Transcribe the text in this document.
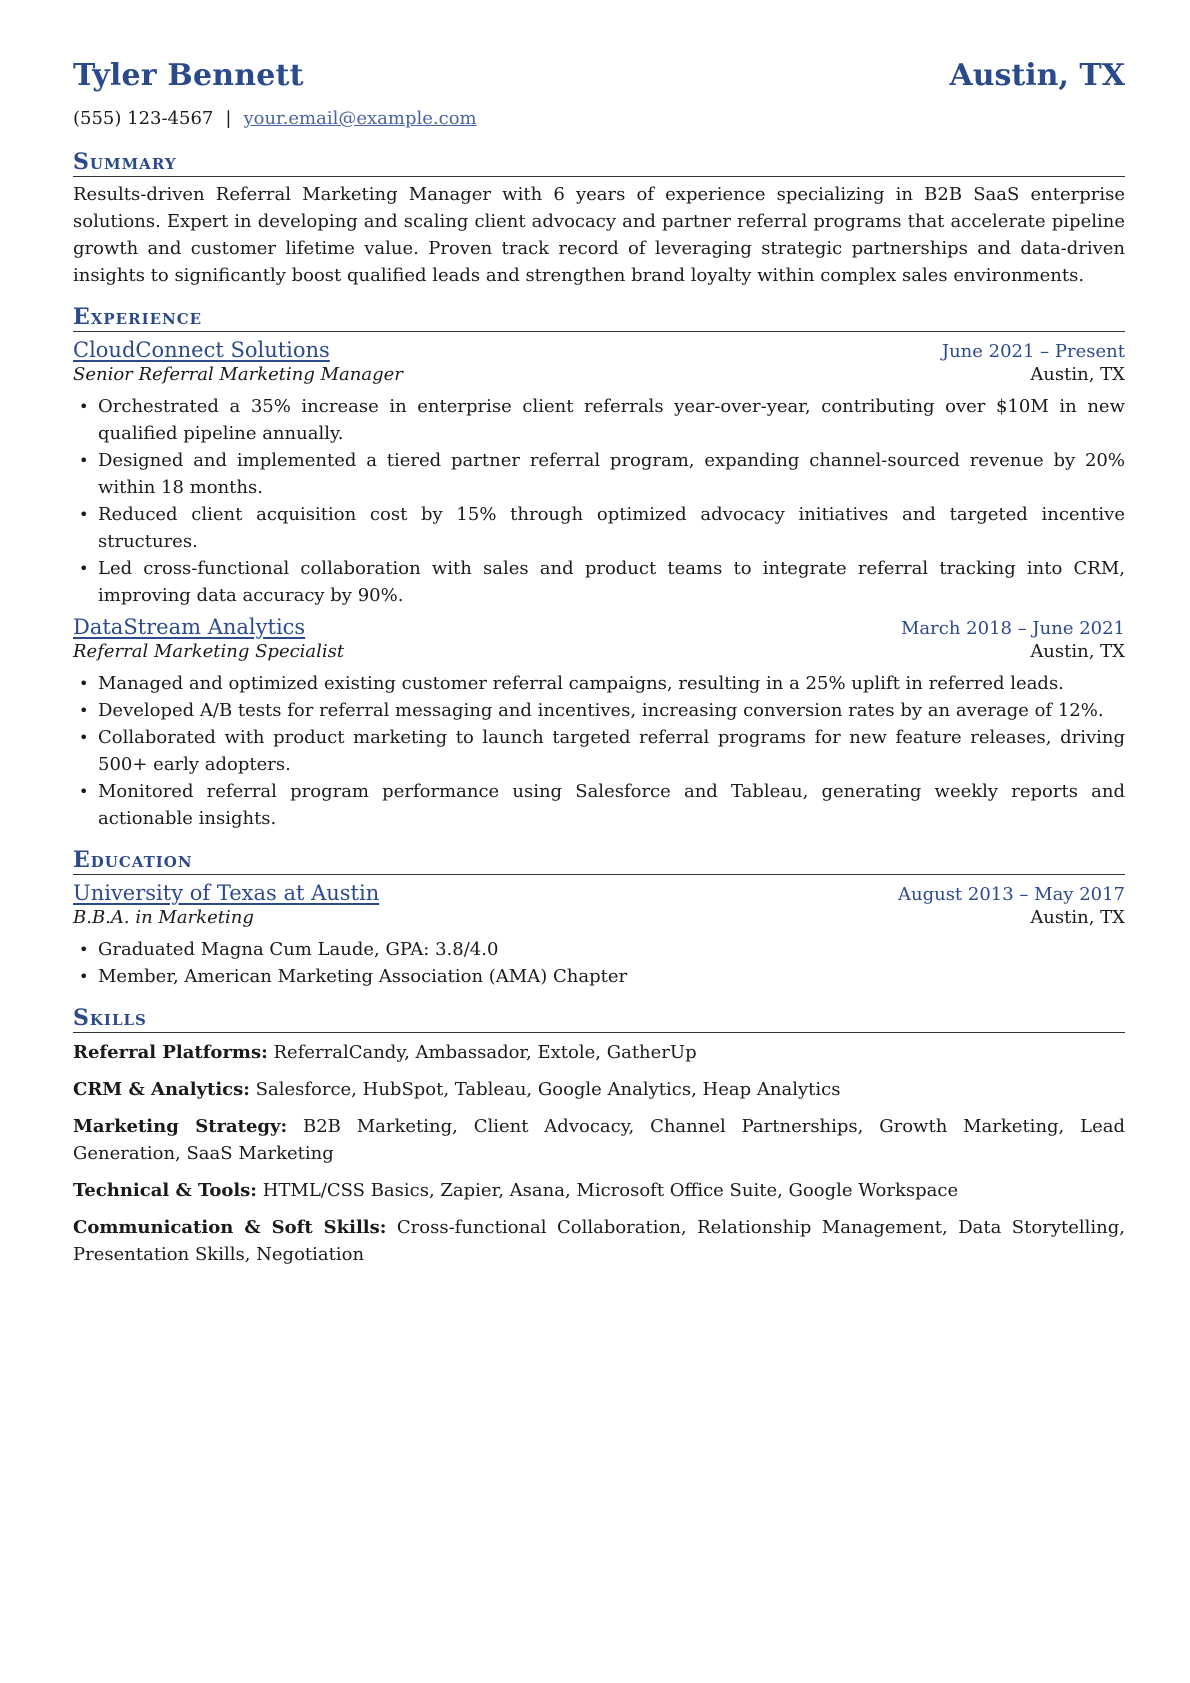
Tyler Bennett	Austin, TX
(555) 123-4567 | your.email@example.com
Summary
Results-driven Referral Marketing Manager with 6 years of experience specializing in B2B SaaS enterprise solutions. Expert in developing and scaling client advocacy and partner referral programs that accelerate pipeline growth and customer lifetime value. Proven track record of leveraging strategic partnerships and data-driven insights to significantly boost qualified leads and strengthen brand loyalty within complex sales environments.
Experience
CloudConnect Solutions	June 2021 – Present
Senior Referral Marketing Manager	Austin, TX
• Orchestrated a 35% increase in enterprise client referrals year-over-year, contributing over $10M in new qualified pipeline annually.
• Designed and implemented a tiered partner referral program, expanding channel-sourced revenue by 20% within 18 months.
• Reduced client acquisition cost by 15% through optimized advocacy initiatives and targeted incentive structures.
• Led cross-functional collaboration with sales and product teams to integrate referral tracking into CRM, improving data accuracy by 90%.
DataStream Analytics	March 2018 – June 2021
Referral Marketing Specialist	Austin, TX
• Managed and optimized existing customer referral campaigns, resulting in a 25% uplift in referred leads.
• Developed A/B tests for referral messaging and incentives, increasing conversion rates by an average of 12%.
• Collaborated with product marketing to launch targeted referral programs for new feature releases, driving 500+ early adopters.
• Monitored referral program performance using Salesforce and Tableau, generating weekly reports and actionable insights.
Education
University of Texas at Austin	August 2013 – May 2017
B.B.A. in Marketing	Austin, TX
• Graduated Magna Cum Laude, GPA: 3.8/4.0
• Member, American Marketing Association (AMA) Chapter
Skills
Referral Platforms: ReferralCandy, Ambassador, Extole, GatherUp
CRM & Analytics: Salesforce, HubSpot, Tableau, Google Analytics, Heap Analytics
Marketing Strategy: B2B Marketing, Client Advocacy, Channel Partnerships, Growth Marketing, Lead Generation, SaaS Marketing
Technical & Tools: HTML/CSS Basics, Zapier, Asana, Microsoft Office Suite, Google Workspace
Communication & Soft Skills: Cross-functional Collaboration, Relationship Management, Data Storytelling, Presentation Skills, Negotiation
